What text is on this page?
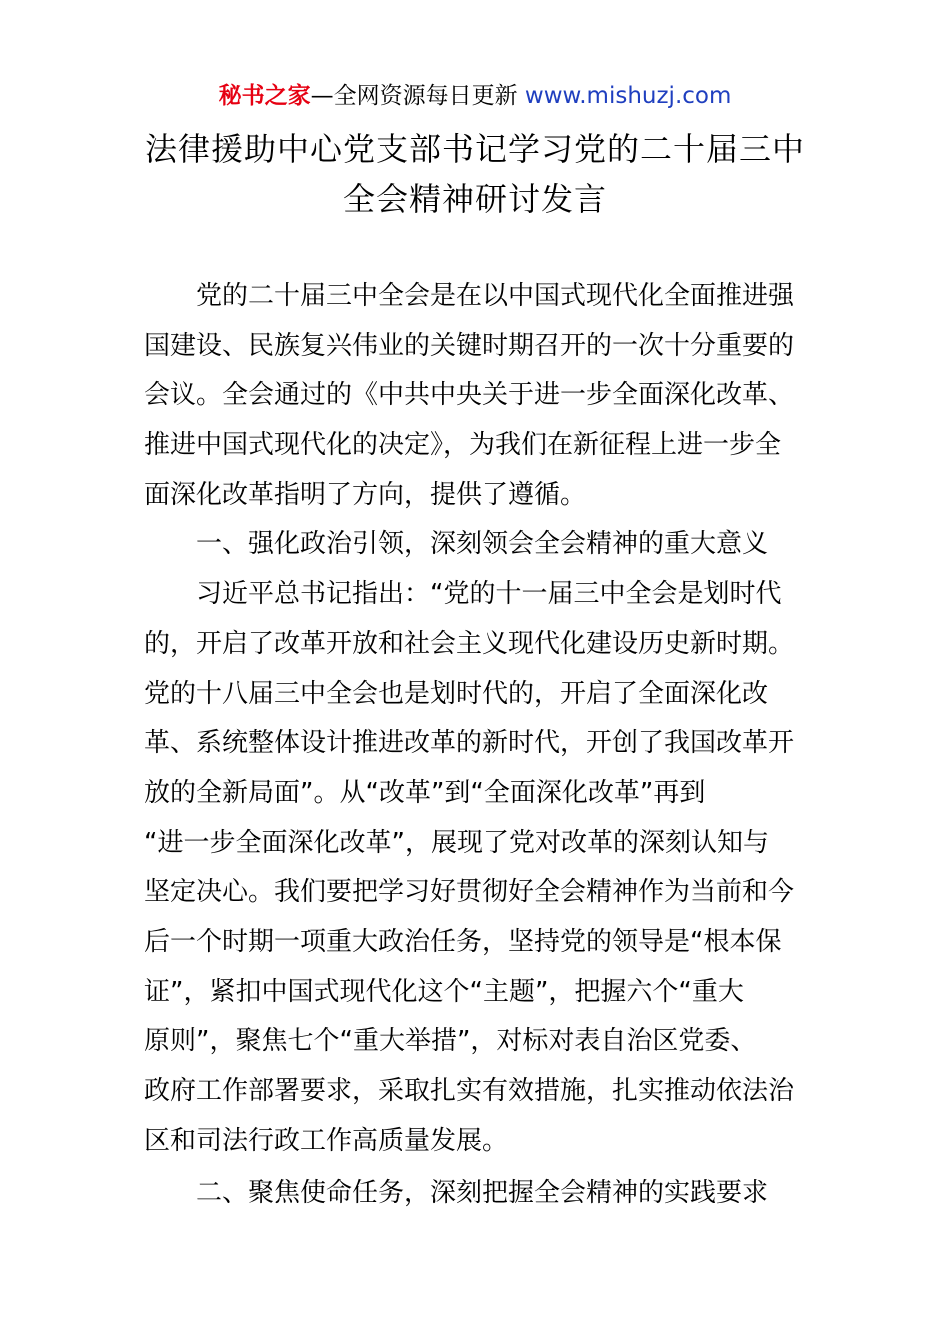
秘书之家—全网资源每日更新 www.mishuzj.com
法律援助中心党支部书记学习党的二十届三中
全会精神研讨发言
党的二十届三中全会是在以中国式现代化全面推进强
国建设、民族复兴伟业的关键时期召开的一次十分重要的
会议。全会通过的《中共中央关于进一步全面深化改革、
推进中国式现代化的决定》，为我们在新征程上进一步全
面深化改革指明了方向，提供了遵循。
一、强化政治引领，深刻领会全会精神的重大意义
习近平总书记指出：“党的十一届三中全会是划时代
的，开启了改革开放和社会主义现代化建设历史新时期。
党的十八届三中全会也是划时代的，开启了全面深化改
革、系统整体设计推进改革的新时代，开创了我国改革开
放的全新局面”。从“改革”到“全面深化改革”再到
“进一步全面深化改革”，展现了党对改革的深刻认知与
坚定决心。我们要把学习好贯彻好全会精神作为当前和今
后一个时期一项重大政治任务，坚持党的领导是“根本保
证”，紧扣中国式现代化这个“主题”，把握六个“重大
原则”，聚焦七个“重大举措”，对标对表自治区党委、
政府工作部署要求，采取扎实有效措施，扎实推动依法治
区和司法行政工作高质量发展。
二、聚焦使命任务，深刻把握全会精神的实践要求
